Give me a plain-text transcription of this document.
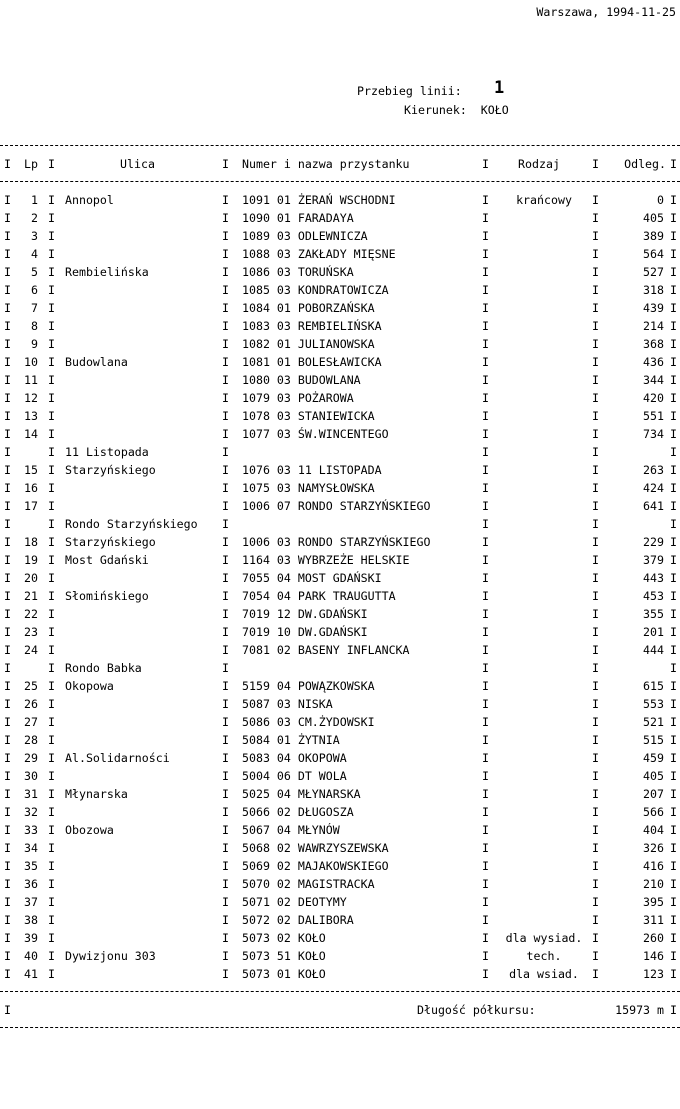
Warszawa, 1994-11-25
Przebieg linii: 1
Kierunek: KOŁO
I	Lp I	Ulica	I Numer i nazwa przystanku	I	Rodzaj	I	Odleg. I
I	1 I Annopol	I 1091 01 ŻERAŃ WSCHODNI	I	krańcowy	I	0 I
I	2 I	I 1090 01 FARADAYA	I	I	405 I
I	3 I	I 1089 03 ODLEWNICZA	I	I	389 I
I	4 I	I 1088 03 ZAKŁADY MIĘSNE	I	I	564 I
I	5 I Rembielińska	I 1086 03 TORUŃSKA	I	I	527 I
I	6 I	I 1085 03 KONDRATOWICZA	I	I	318 I
I	7 I	I 1084 01 POBORZAŃSKA	I	I	439 I
I	8 I	I 1083 03 REMBIELIŃSKA	I	I	214 I
I	9 I	I 1082 01 JULIANOWSKA	I	I	368 I
I	10 I Budowlana	I 1081 01 BOLESŁAWICKA	I	I	436 I
I	11 I	I 1080 03 BUDOWLANA	I	I	344 I
I	12 I	I 1079 03 POŻAROWA	I	I	420 I
I	13 I	I 1078 03 STANIEWICKA	I	I	551 I
I	14 I	I 1077 03 ŚW.WINCENTEGO	I	I	734 I
I	I 11 Listopada	I	I	I	I
I	15 I Starzyńskiego	I 1076 03 11 LISTOPADA	I	I	263 I
I	16 I	I 1075 03 NAMYSŁOWSKA	I	I	424 I
I	17 I	I 1006 07 RONDO STARZYŃSKIEGO	I	I	641 I
I	I Rondo Starzyńskiego I	I	I	I
I	18 I Starzyńskiego	I 1006 03 RONDO STARZYŃSKIEGO	I	I	229 I
I	19 I Most Gdański	I 1164 03 WYBRZEŻE HELSKIE	I	I	379 I
I	20 I	I 7055 04 MOST GDAŃSKI	I	I	443 I
I	21 I Słomińskiego	I 7054 04 PARK TRAUGUTTA	I	I	453 I
I	22 I	I 7019 12 DW.GDAŃSKI	I	I	355 I
I	23 I	I 7019 10 DW.GDAŃSKI	I	I	201 I
I	24 I	I 7081 02 BASENY INFLANCKA	I	I	444 I
I	I Rondo Babka	I	I	I	I
I	25 I Okopowa	I 5159 04 POWĄZKOWSKA	I	I	615 I
I	26 I	I 5087 03 NISKA	I	I	553 I
I	27 I	I 5086 03 CM.ŻYDOWSKI	I	I	521 I
I	28 I	I 5084 01 ŻYTNIA	I	I	515 I
I	29 I Al.Solidarności	I 5083 04 OKOPOWA	I	I	459 I
I	30 I	I 5004 06 DT WOLA	I	I	405 I
I	31 I Młynarska	I 5025 04 MŁYNARSKA	I	I	207 I
I	32 I	I 5066 02 DŁUGOSZA	I	I	566 I
I	33 I Obozowa	I 5067 04 MŁYNÓW	I	I	404 I
I	34 I	I 5068 02 WAWRZYSZEWSKA	I	I	326 I
I	35 I	I 5069 02 MAJAKOWSKIEGO	I	I	416 I
I	36 I	I 5070 02 MAGISTRACKA	I	I	210 I
I	37 I	I 5071 02 DEOTYMY	I	I	395 I
I	38 I	I 5072 02 DALIBORA	I	I	311 I
I	39 I	I 5073 02 KOŁO	I	dla wysiad. I	260 I
I	40 I Dywizjonu 303	I 5073 51 KOŁO	I	tech.	I	146 I
I	41 I	I 5073 01 KOŁO	I	dla wsiad.	I	123 I
I	Długość półkursu:	15973 m I
